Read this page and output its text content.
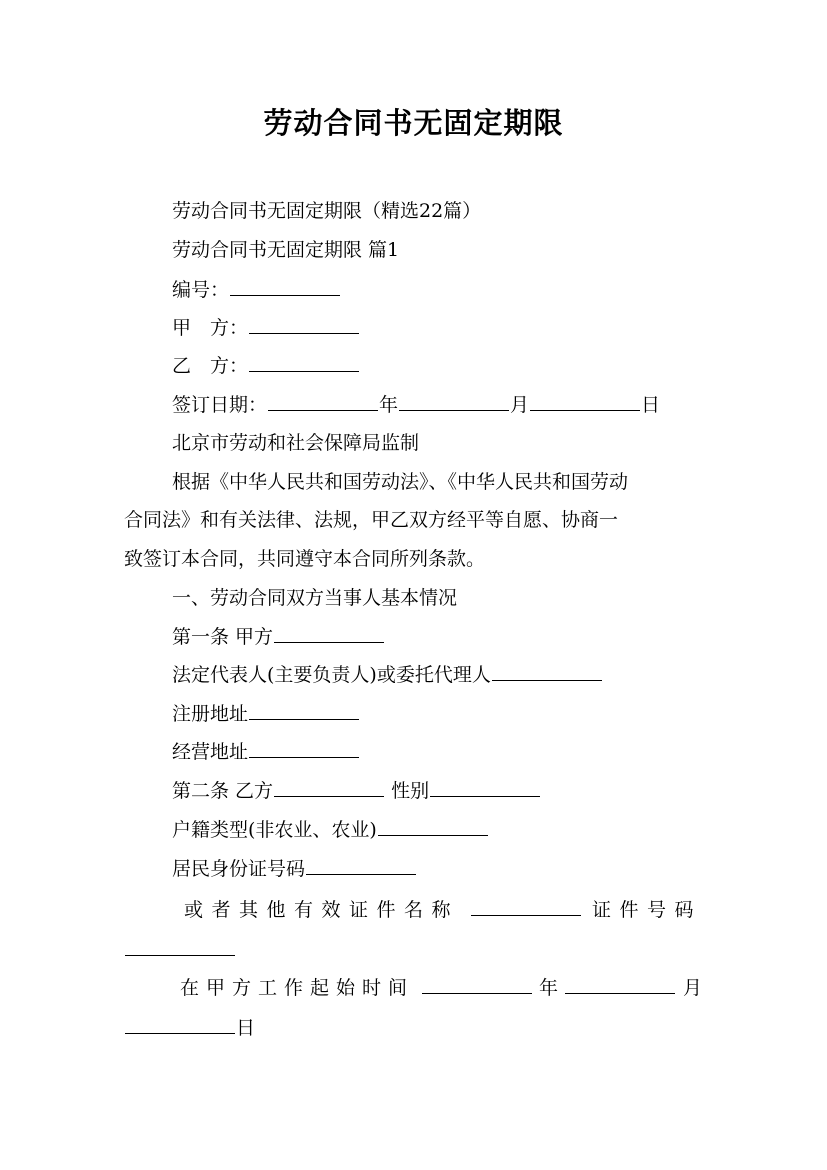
劳动合同书无固定期限
劳动合同书无固定期限（精选22篇）
劳动合同书无固定期限 篇1
编号：
甲　方：
乙　方：
签订日期：	年	月	日
北京市劳动和社会保障局监制
根据《中华人民共和国劳动法》、《中华人民共和国劳动
合同法》和有关法律、法规，甲乙双方经平等自愿、协商一
致签订本合同，共同遵守本合同所列条款。
一、劳动合同双方当事人基本情况
第一条 甲方
法定代表人(主要负责人)或委托代理人
注册地址
经营地址
第二条 乙方	性别
户籍类型(非农业、农业)
居民身份证号码
或者其他有效证件名称	证件号码
在甲方工作起始时间	年	月
日
